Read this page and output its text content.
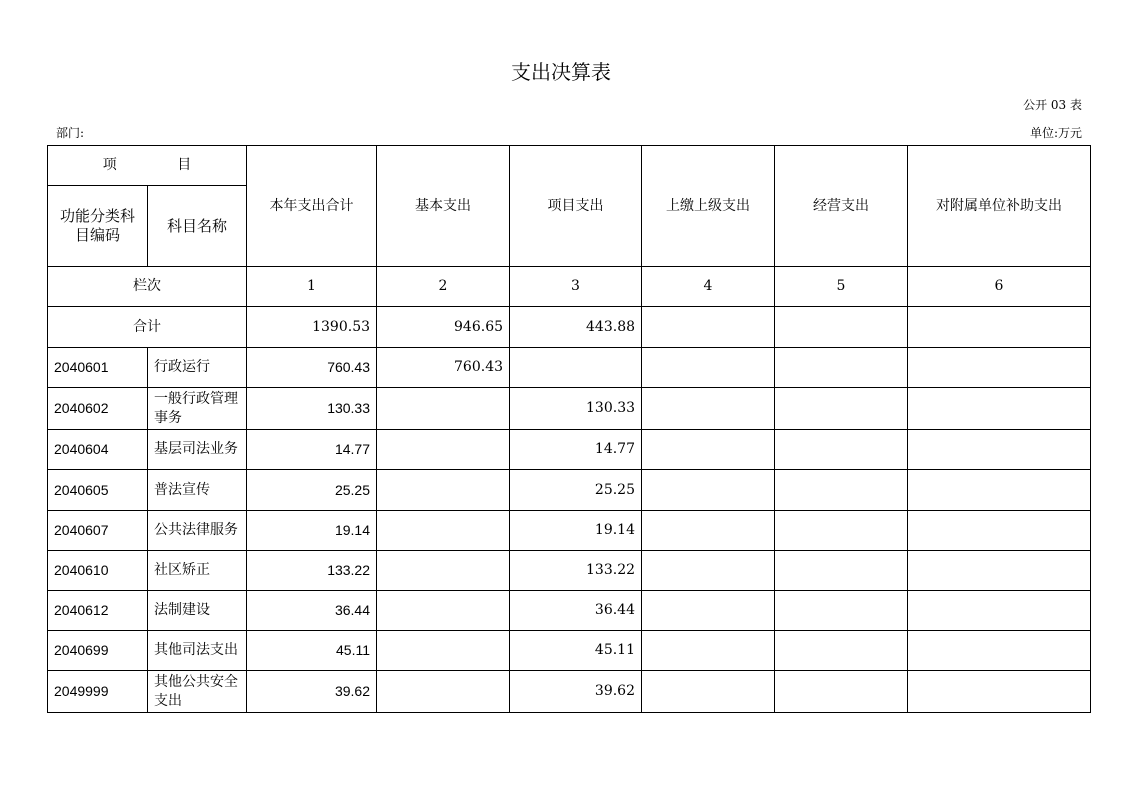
支出决算表
公开 03 表
部门:	单位:万元
项 目		本年支出合计	基本支出	项目支出	上缴上级支出	经营支出	对附属单位补助支出
功能分类科目编码	科目名称						
栏次		1	2	3	4	5	6
合计		1390.53	946.65	443.88			
2040601	行政运行	760.43	760.43				
2040602	一般行政管理事务	130.33		130.33			
2040604	基层司法业务	14.77		14.77			
2040605	普法宣传	25.25		25.25			
2040607	公共法律服务	19.14		19.14			
2040610	社区矫正	133.22		133.22			
2040612	法制建设	36.44		36.44			
2040699	其他司法支出	45.11		45.11			
2049999	其他公共安全支出	39.62		39.62			
